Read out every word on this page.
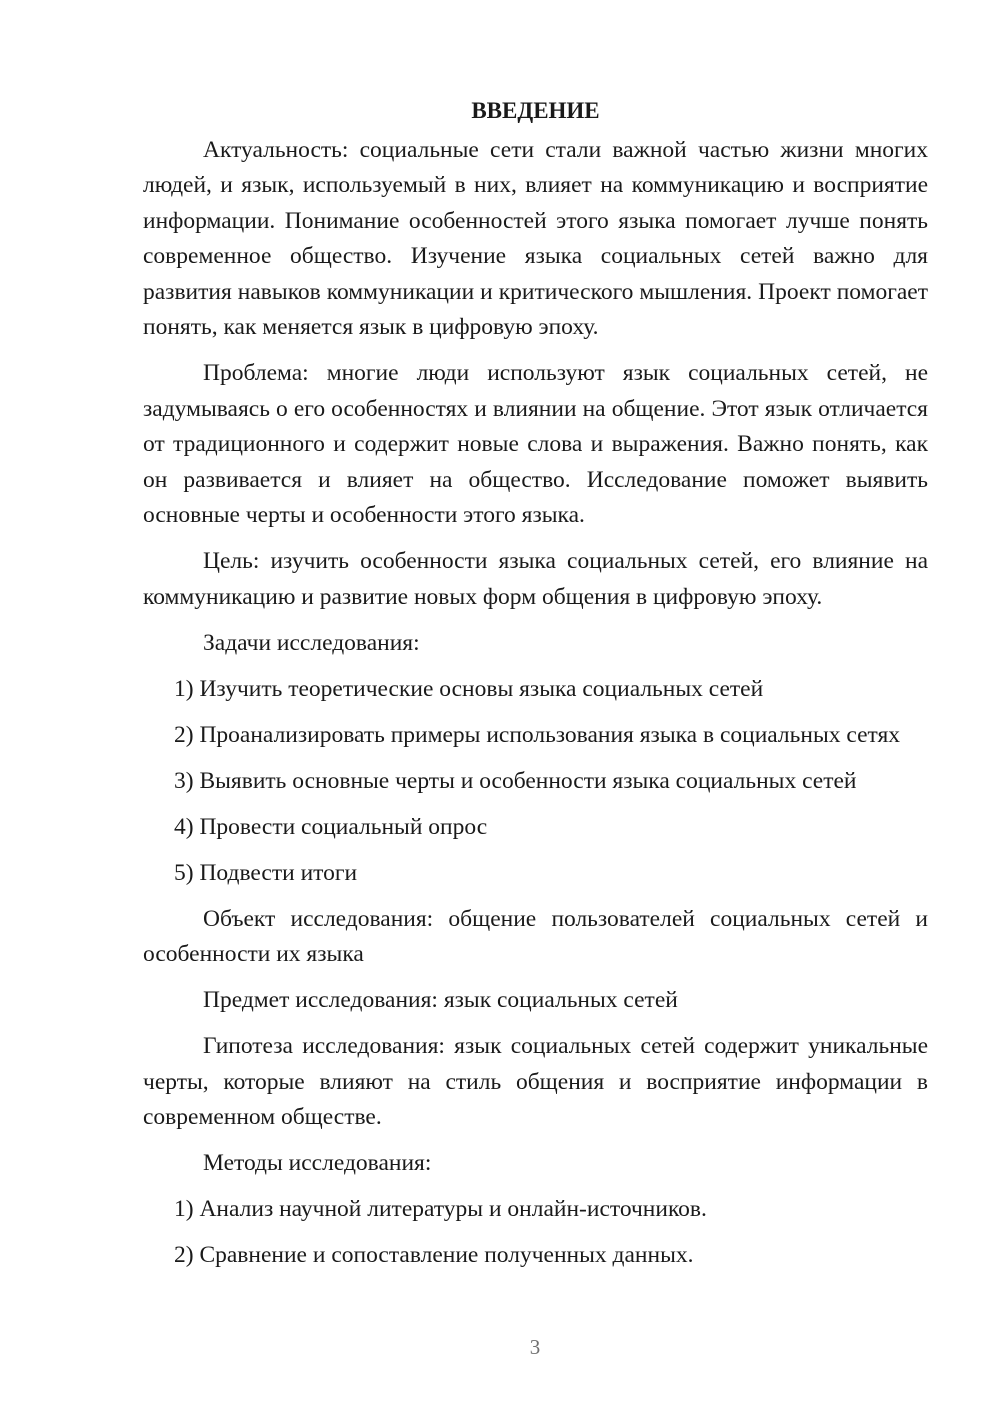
ВВЕДЕНИЕ

Актуальность: социальные сети стали важной частью жизни многих людей, и язык, используемый в них, влияет на коммуникацию и восприятие информации. Понимание особенностей этого языка помогает лучше понять современное общество. Изучение языка социальных сетей важно для развития навыков коммуникации и критического мышления. Проект помогает понять, как меняется язык в цифровую эпоху.

Проблема: многие люди используют язык социальных сетей, не задумываясь о его особенностях и влиянии на общение. Этот язык отличается от традиционного и содержит новые слова и выражения. Важно понять, как он развивается и влияет на общество. Исследование поможет выявить основные черты и особенности этого языка.

Цель: изучить особенности языка социальных сетей, его влияние на коммуникацию и развитие новых форм общения в цифровую эпоху.

Задачи исследования:

1) Изучить теоретические основы языка социальных сетей

2) Проанализировать примеры использования языка в социальных сетях

3) Выявить основные черты и особенности языка социальных сетей

4) Провести социальный опрос

5) Подвести итоги

Объект исследования: общение пользователей социальных сетей и особенности их языка

Предмет исследования: язык социальных сетей

Гипотеза исследования: язык социальных сетей содержит уникальные черты, которые влияют на стиль общения и восприятие информации в современном обществе.

Методы исследования:

1) Анализ научной литературы и онлайн-источников.

2) Сравнение и сопоставление полученных данных.

3
